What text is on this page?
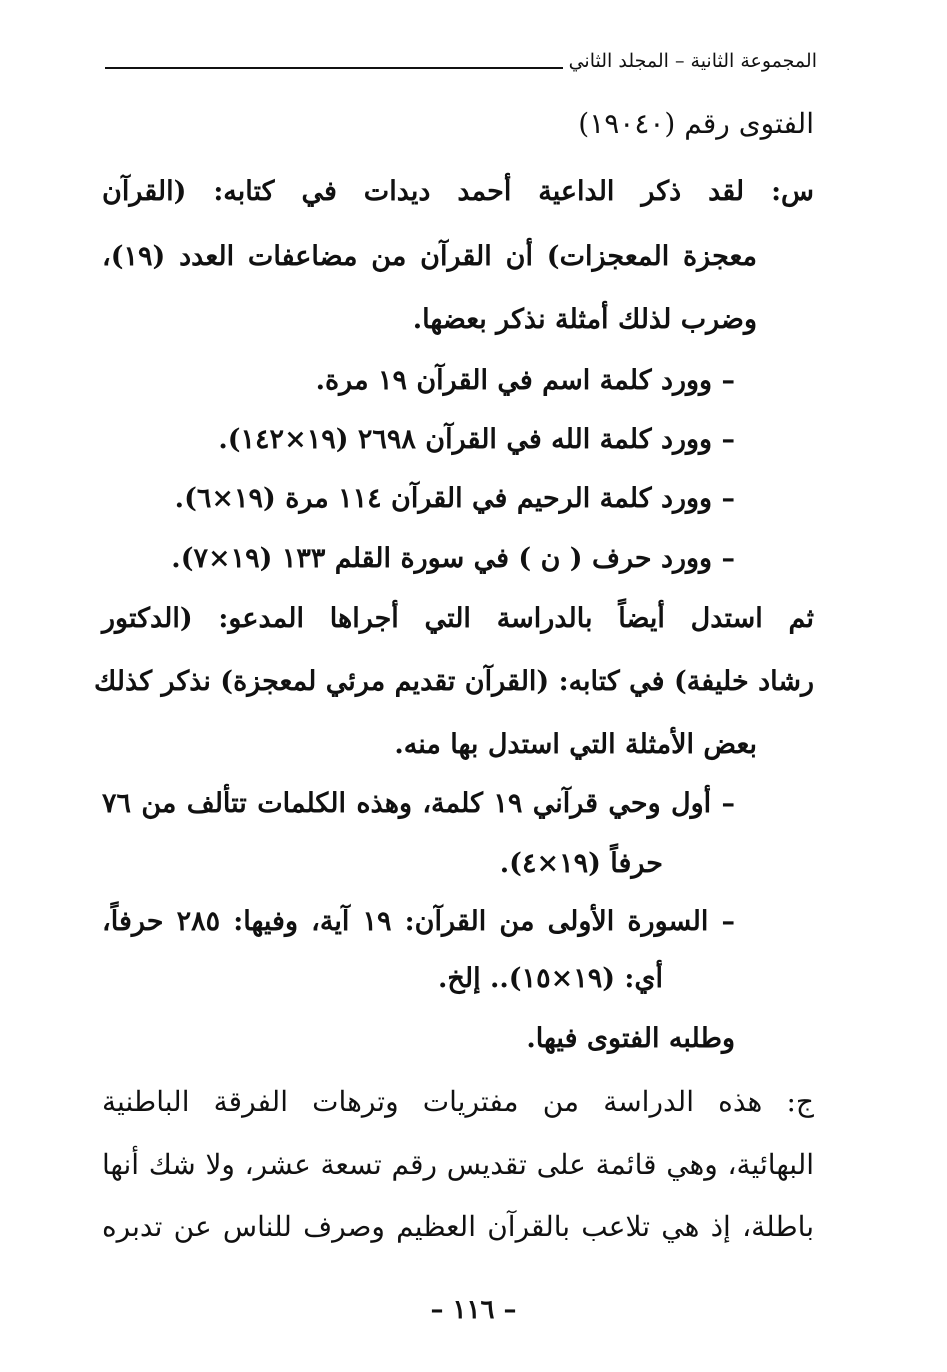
المجموعة الثانية – المجلد الثاني
الفتوى رقم (١٩٠٤٠)
س: لقد ذكر الداعية أحمد ديدات في كتابه: (القرآن
معجزة المعجزات) أن القرآن من مضاعفات العدد (١٩)،
وضرب لذلك أمثلة نذكر بعضها.
– وورد كلمة اسم في القرآن ١٩ مرة.
– وورد كلمة الله في القرآن ٢٦٩٨ (١٩×١٤٢).
– وورد كلمة الرحيم في القرآن ١١٤ مرة (١٩×٦).
– وورد حرف ( ن ) في سورة القلم ١٣٣ (١٩×٧).
ثم استدل أيضاً بالدراسة التي أجراها المدعو: (الدكتور
رشاد خليفة) في كتابه: (القرآن تقديم مرئي لمعجزة) نذكر كذلك
بعض الأمثلة التي استدل بها منه.
– أول وحي قرآني ١٩ كلمة، وهذه الكلمات تتألف من ٧٦
حرفاً (١٩×٤).
– السورة الأولى من القرآن: ١٩ آية، وفيها: ٢٨٥ حرفاً،
أي: (١٩×١٥).. إلخ.
وطلبه الفتوى فيها.
ج: هذه الدراسة من مفتريات وترهات الفرقة الباطنية
البهائية، وهي قائمة على تقديس رقم تسعة عشر، ولا شك أنها
باطلة، إذ هي تلاعب بالقرآن العظيم وصرف للناس عن تدبره
– ١١٦ –
